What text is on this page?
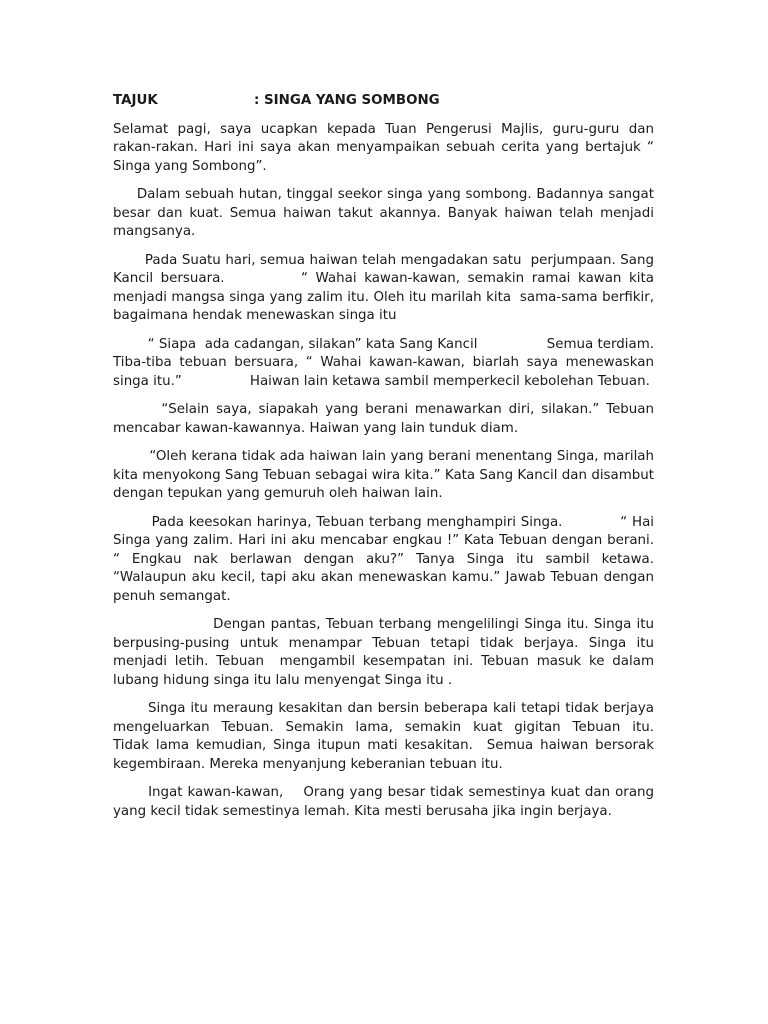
TAJUK	: SINGA YANG SOMBONG

Selamat pagi, saya ucapkan kepada Tuan Pengerusi Majlis, guru-guru dan rakan-rakan. Hari ini saya akan menyampaikan sebuah cerita yang bertajuk “ Singa yang Sombong”.

Dalam sebuah hutan, tinggal seekor singa yang sombong. Badannya sangat besar dan kuat. Semua haiwan takut akannya. Banyak haiwan telah menjadi mangsanya.

Pada Suatu hari, semua haiwan telah mengadakan satu  perjumpaan. Sang Kancil bersuara.          “ Wahai kawan-kawan, semakin ramai kawan kita menjadi mangsa singa yang zalim itu. Oleh itu marilah kita  sama-sama berfikir, bagaimana hendak menewaskan singa itu

“ Siapa  ada cadangan, silakan” kata Sang Kancil                Semua terdiam. Tiba-tiba tebuan bersuara, “ Wahai kawan-kawan, biarlah saya menewaskan singa itu.”                Haiwan lain ketawa sambil memperkecil kebolehan Tebuan.

“Selain saya, siapakah yang berani menawarkan diri, silakan.” Tebuan mencabar kawan-kawannya. Haiwan yang lain tunduk diam.

“Oleh kerana tidak ada haiwan lain yang berani menentang Singa, marilah kita menyokong Sang Tebuan sebagai wira kita.” Kata Sang Kancil dan disambut dengan tepukan yang gemuruh oleh haiwan lain.

Pada keesokan harinya, Tebuan terbang menghampiri Singa.            “ Hai Singa yang zalim. Hari ini aku mencabar engkau !” Kata Tebuan dengan berani. “ Engkau nak berlawan dengan aku?” Tanya Singa itu sambil ketawa. “Walaupun aku kecil, tapi aku akan menewaskan kamu.” Jawab Tebuan dengan penuh semangat.

Dengan pantas, Tebuan terbang mengelilingi Singa itu. Singa itu berpusing-pusing untuk menampar Tebuan tetapi tidak berjaya. Singa itu menjadi letih. Tebuan  mengambil kesempatan ini. Tebuan masuk ke dalam lubang hidung singa itu lalu menyengat Singa itu .

Singa itu meraung kesakitan dan bersin beberapa kali tetapi tidak berjaya mengeluarkan Tebuan. Semakin lama, semakin kuat gigitan Tebuan itu.          Tidak lama kemudian, Singa itupun mati kesakitan.  Semua haiwan bersorak kegembiraan. Mereka menyanjung keberanian tebuan itu.

Ingat kawan-kawan,    Orang yang besar tidak semestinya kuat dan orang yang kecil tidak semestinya lemah. Kita mesti berusaha jika ingin berjaya.
